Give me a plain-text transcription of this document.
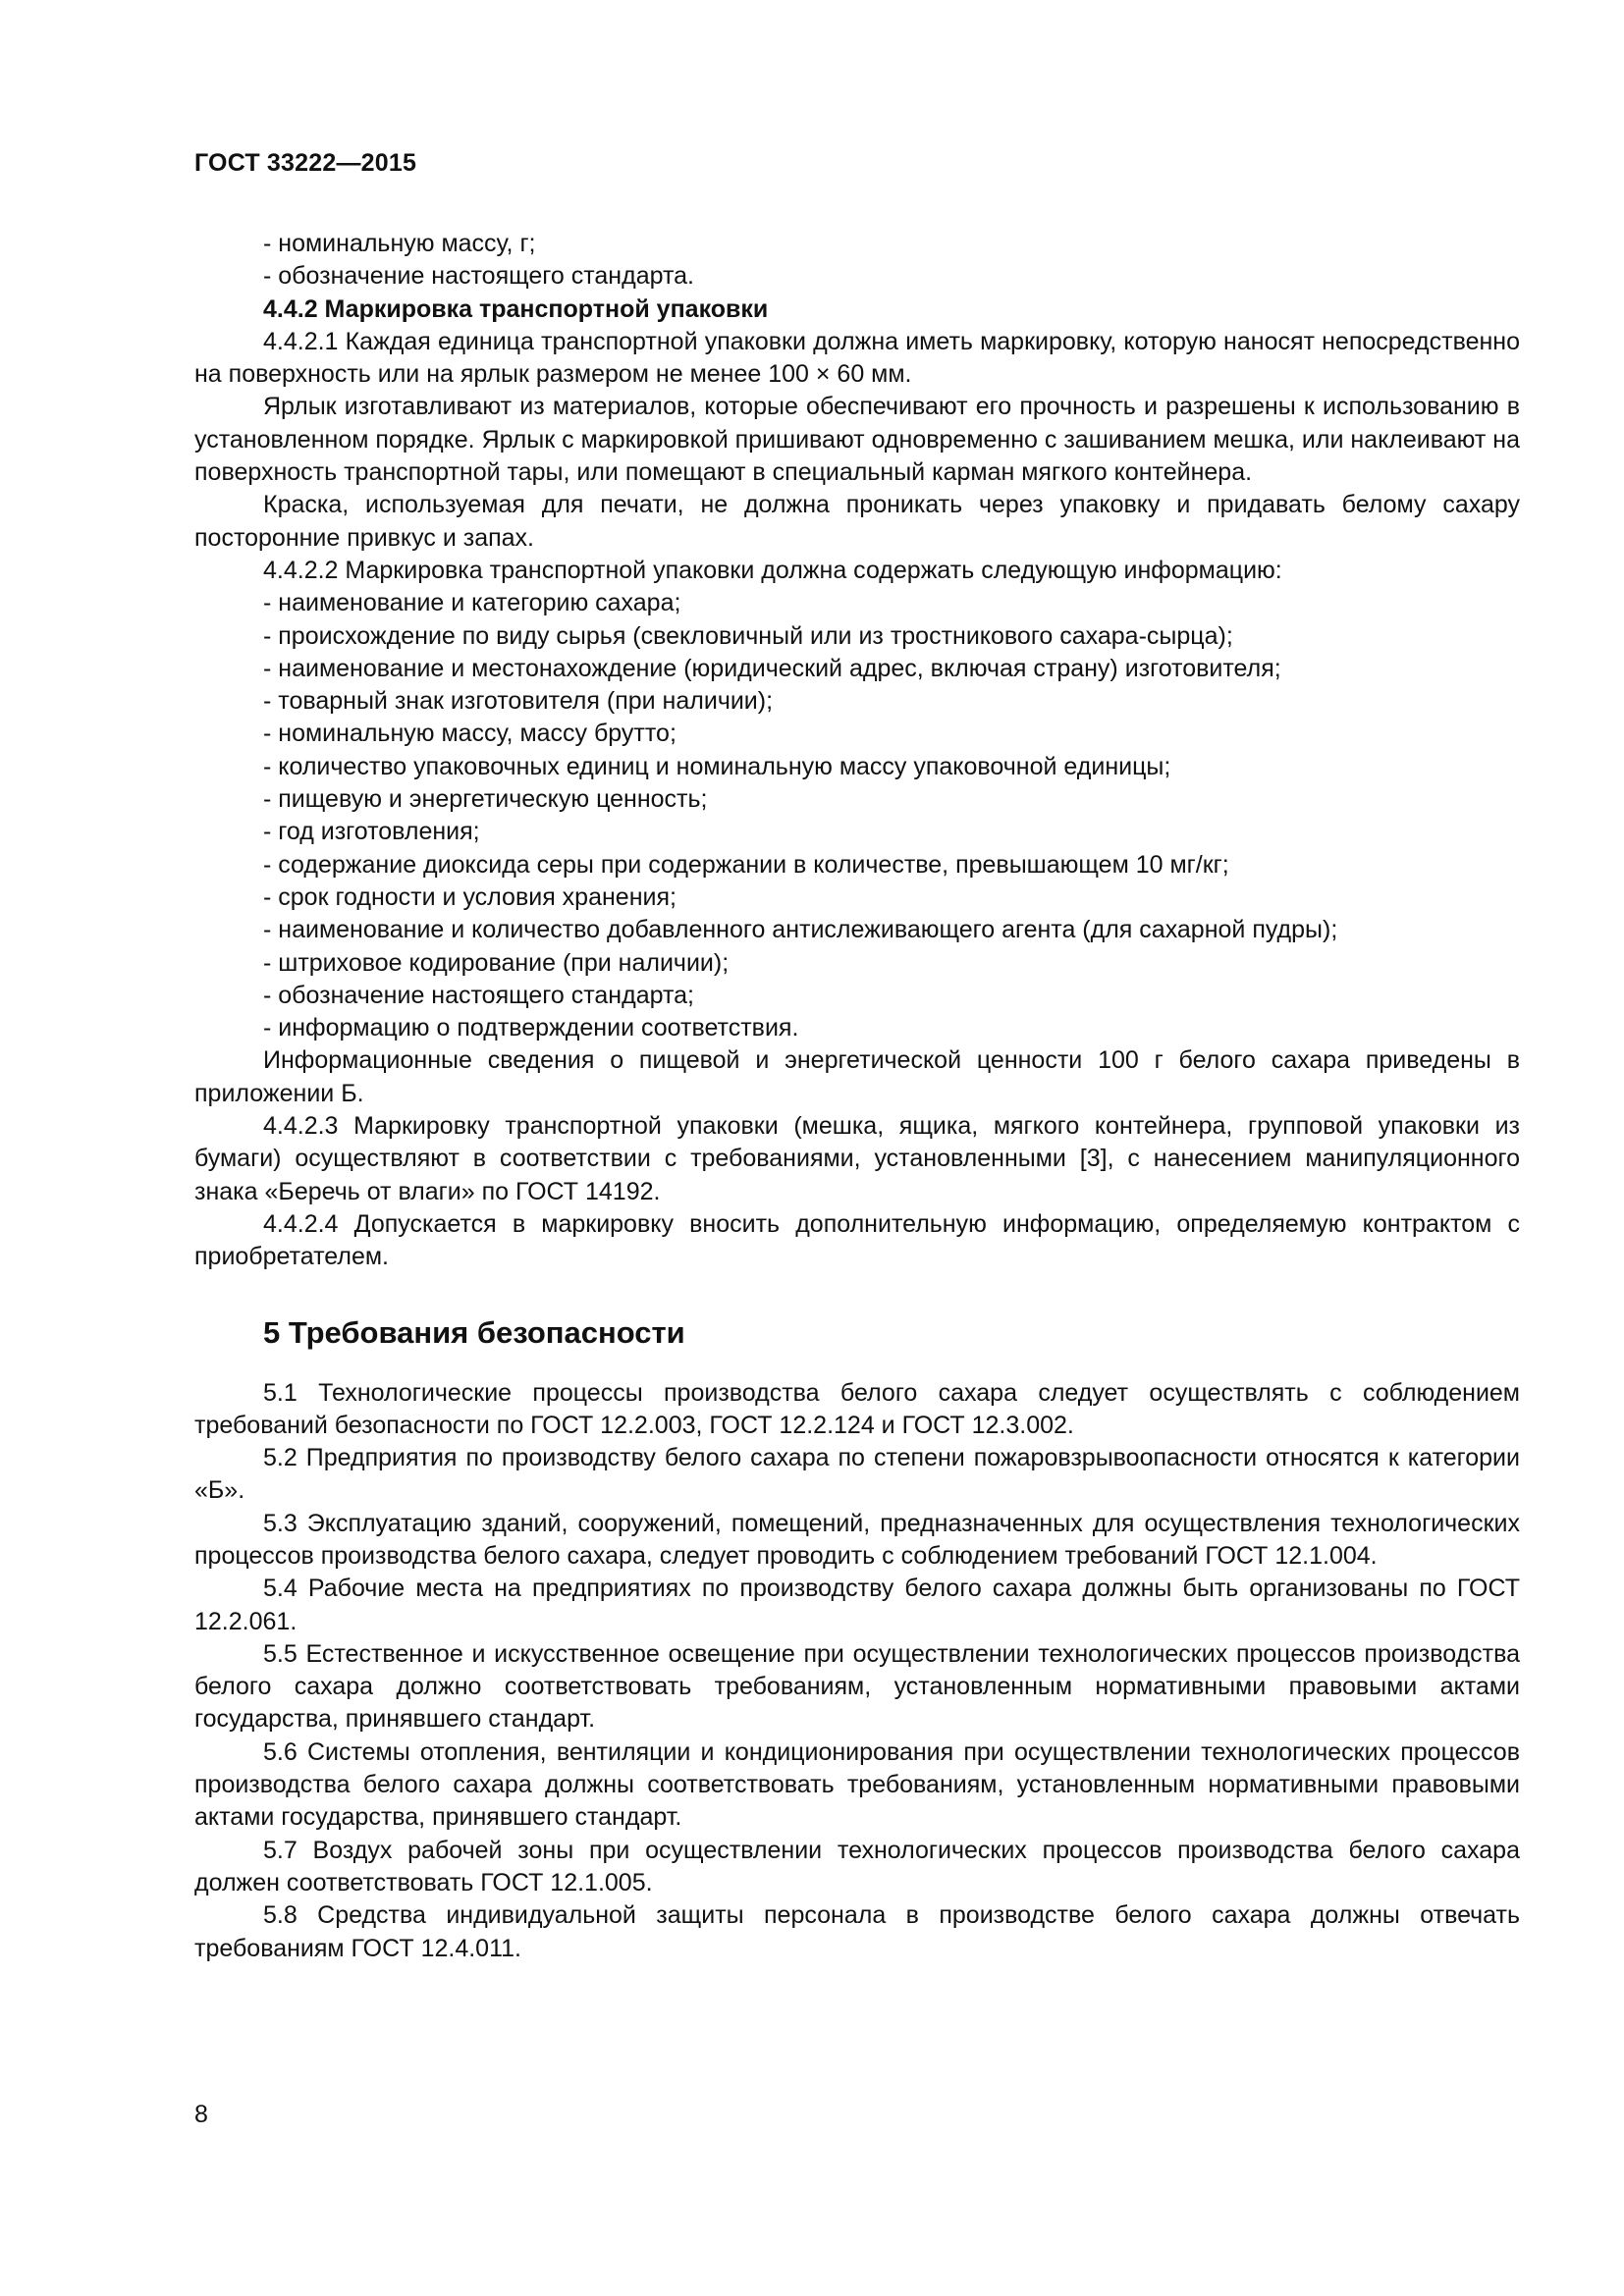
ГОСТ 33222—2015

- номинальную массу, г;

- обозначение настоящего стандарта.

4.4.2 Маркировка транспортной упаковки

4.4.2.1 Каждая единица транспортной упаковки должна иметь маркировку, которую наносят непосредственно на поверхность или на ярлык размером не менее 100 × 60 мм.

Ярлык изготавливают из материалов, которые обеспечивают его прочность и разрешены к использованию в установленном порядке. Ярлык с маркировкой пришивают одновременно с зашиванием мешка, или наклеивают на поверхность транспортной тары, или помещают в специальный карман мягкого контейнера.

Краска, используемая для печати, не должна проникать через упаковку и придавать белому сахару посторонние привкус и запах.

4.4.2.2 Маркировка транспортной упаковки должна содержать следующую информацию:

- наименование и категорию сахара;

- происхождение по виду сырья (свекловичный или из тростникового сахара-сырца);

- наименование и местонахождение (юридический адрес, включая страну) изготовителя;

- товарный знак изготовителя (при наличии);

- номинальную массу, массу брутто;

- количество упаковочных единиц и номинальную массу упаковочной единицы;

- пищевую и энергетическую ценность;

- год изготовления;

- содержание диоксида серы при содержании в количестве, превышающем 10 мг/кг;

- срок годности и условия хранения;

- наименование и количество добавленного антислеживающего агента (для сахарной пудры);

- штриховое кодирование (при наличии);

- обозначение настоящего стандарта;

- информацию о подтверждении соответствия.

Информационные сведения о пищевой и энергетической ценности 100 г белого сахара приведены в приложении Б.

4.4.2.3 Маркировку транспортной упаковки (мешка, ящика, мягкого контейнера, групповой упаковки из бумаги) осуществляют в соответствии с требованиями, установленными [3], с нанесением манипуляционного знака «Беречь от влаги» по ГОСТ 14192.

4.4.2.4 Допускается в маркировку вносить дополнительную информацию, определяемую контрактом с приобретателем.

5 Требования безопасности

5.1 Технологические процессы производства белого сахара следует осуществлять с соблюдением требований безопасности по ГОСТ 12.2.003, ГОСТ 12.2.124 и ГОСТ 12.3.002.

5.2 Предприятия по производству белого сахара по степени пожаровзрывоопасности относятся к категории «Б».

5.3 Эксплуатацию зданий, сооружений, помещений, предназначенных для осуществления технологических процессов производства белого сахара, следует проводить с соблюдением требований ГОСТ 12.1.004.

5.4 Рабочие места на предприятиях по производству белого сахара должны быть организованы по ГОСТ 12.2.061.

5.5 Естественное и искусственное освещение при осуществлении технологических процессов производства белого сахара должно соответствовать требованиям, установленным нормативными правовыми актами государства, принявшего стандарт.

5.6 Системы отопления, вентиляции и кондиционирования при осуществлении технологических процессов производства белого сахара должны соответствовать требованиям, установленным нормативными правовыми актами государства, принявшего стандарт.

5.7 Воздух рабочей зоны при осуществлении технологических процессов производства белого сахара должен соответствовать ГОСТ 12.1.005.

5.8 Средства индивидуальной защиты персонала в производстве белого сахара должны отвечать требованиям ГОСТ 12.4.011.

8
